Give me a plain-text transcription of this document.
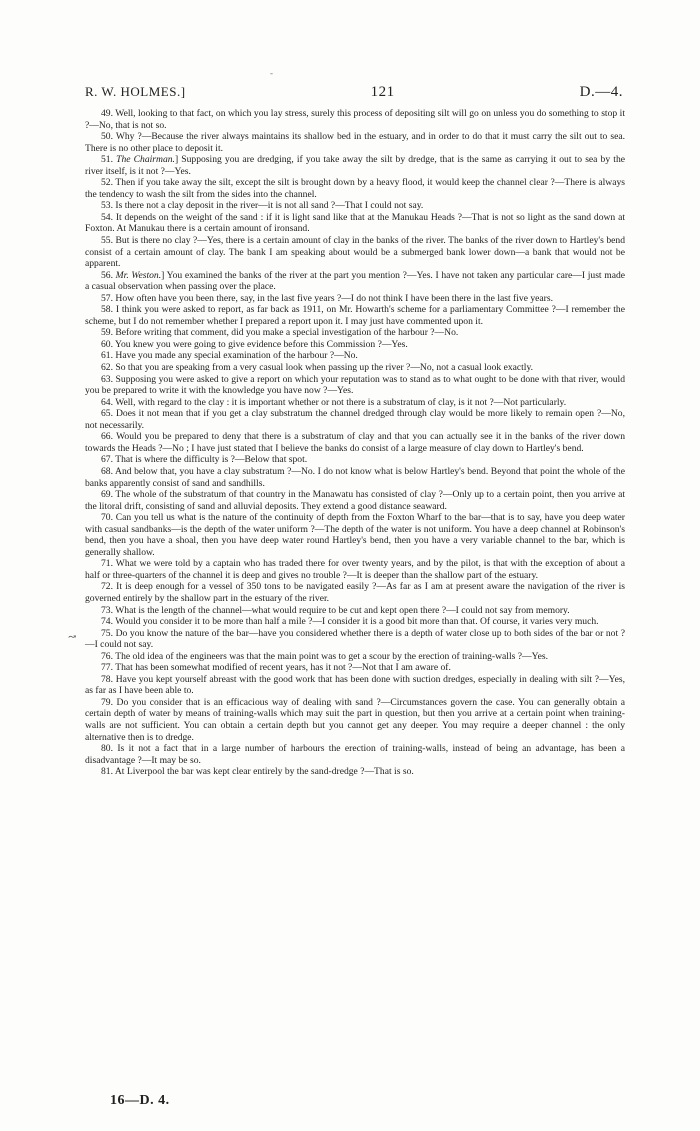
-
R. W. HOLMES.]	121	D.—4.
↝

49. Well, looking to that fact, on which you lay stress, surely this process of depositing silt will go on unless you do something to stop it ?—No, that is not so.

50. Why ?—Because the river always maintains its shallow bed in the estuary, and in order to do that it must carry the silt out to sea. There is no other place to deposit it.

51. The Chairman.] Supposing you are dredging, if you take away the silt by dredge, that is the same as carrying it out to sea by the river itself, is it not ?—Yes.

52. Then if you take away the silt, except the silt is brought down by a heavy flood, it would keep the channel clear ?—There is always the tendency to wash the silt from the sides into the channel.

53. Is there not a clay deposit in the river—it is not all sand ?—That I could not say.

54. It depends on the weight of the sand : if it is light sand like that at the Manukau Heads ?—That is not so light as the sand down at Foxton. At Manukau there is a certain amount of ironsand.

55. But is there no clay ?—Yes, there is a certain amount of clay in the banks of the river. The banks of the river down to Hartley's bend consist of a certain amount of clay. The bank I am speaking about would be a submerged bank lower down—a bank that would not be apparent.

56. Mr. Weston.] You examined the banks of the river at the part you mention ?—Yes. I have not taken any particular care—I just made a casual observation when passing over the place.

57. How often have you been there, say, in the last five years ?—I do not think I have been there in the last five years.

58. I think you were asked to report, as far back as 1911, on Mr. Howarth's scheme for a parliamentary Committee ?—I remember the scheme, but I do not remember whether I prepared a report upon it. I may just have commented upon it.

59. Before writing that comment, did you make a special investigation of the harbour ?—No.

60. You knew you were going to give evidence before this Commission ?—Yes.

61. Have you made any special examination of the harbour ?—No.

62. So that you are speaking from a very casual look when passing up the river ?—No, not a casual look exactly.

63. Supposing you were asked to give a report on which your reputation was to stand as to what ought to be done with that river, would you be prepared to write it with the knowledge you have now ?—Yes.

64. Well, with regard to the clay : it is important whether or not there is a substratum of clay, is it not ?—Not particularly.

65. Does it not mean that if you get a clay substratum the channel dredged through clay would be more likely to remain open ?—No, not necessarily.

66. Would you be prepared to deny that there is a substratum of clay and that you can actually see it in the banks of the river down towards the Heads ?—No ; I have just stated that I believe the banks do consist of a large measure of clay down to Hartley's bend.

67. That is where the difficulty is ?—Below that spot.

68. And below that, you have a clay substratum ?—No. I do not know what is below Hartley's bend. Beyond that point the whole of the banks apparently consist of sand and sandhills.

69. The whole of the substratum of that country in the Manawatu has consisted of clay ?—Only up to a certain point, then you arrive at the litoral drift, consisting of sand and alluvial deposits. They extend a good distance seaward.

70. Can you tell us what is the nature of the continuity of depth from the Foxton Wharf to the bar—that is to say, have you deep water with casual sandbanks—is the depth of the water uniform ?—The depth of the water is not uniform. You have a deep channel at Robinson's bend, then you have a shoal, then you have deep water round Hartley's bend, then you have a very variable channel to the bar, which is generally shallow.

71. What we were told by a captain who has traded there for over twenty years, and by the pilot, is that with the exception of about a half or three-quarters of the channel it is deep and gives no trouble ?—It is deeper than the shallow part of the estuary.

72. It is deep enough for a vessel of 350 tons to be navigated easily ?—As far as I am at present aware the navigation of the river is governed entirely by the shallow part in the estuary of the river.

73. What is the length of the channel—what would require to be cut and kept open there ?—I could not say from memory.

74. Would you consider it to be more than half a mile ?—I consider it is a good bit more than that. Of course, it varies very much.

75. Do you know the nature of the bar—have you considered whether there is a depth of water close up to both sides of the bar or not ?—I could not say.

76. The old idea of the engineers was that the main point was to get a scour by the erection of training-walls ?—Yes.

77. That has been somewhat modified of recent years, has it not ?—Not that I am aware of.

78. Have you kept yourself abreast with the good work that has been done with suction dredges, especially in dealing with silt ?—Yes, as far as I have been able to.

79. Do you consider that is an efficacious way of dealing with sand ?—Circumstances govern the case. You can generally obtain a certain depth of water by means of training-walls which may suit the part in question, but then you arrive at a certain point when training-walls are not sufficient. You can obtain a certain depth but you cannot get any deeper. You may require a deeper channel : the only alternative then is to dredge.

80. Is it not a fact that in a large number of harbours the erection of training-walls, instead of being an advantage, has been a disadvantage ?—It may be so.

81. At Liverpool the bar was kept clear entirely by the sand-dredge ?—That is so.

16—D. 4.
